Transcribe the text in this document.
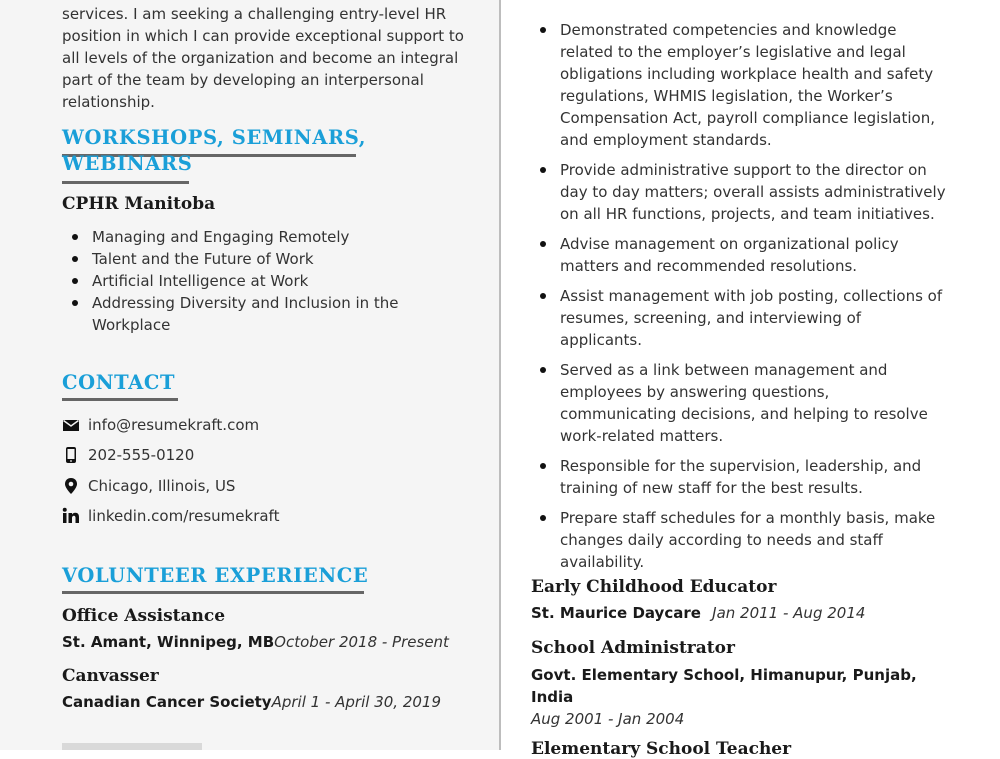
services. I am seeking a challenging entry-level HR position in which I can provide exceptional support to all levels of the organization and become an integral part of the team by developing an interpersonal relationship.

WORKSHOPS, SEMINARS,
WEBINARS
CPHR Manitoba
Managing and Engaging Remotely
Talent and the Future of Work
Artificial Intelligence at Work
Addressing Diversity and Inclusion in the Workplace
CONTACT
info@resumekraft.com
202-555-0120
Chicago, Illinois, US
linkedin.com/resumekraft
VOLUNTEER EXPERIENCE
Office Assistance
St. Amant, Winnipeg, MBOctober 2018 - Present
Canvasser
Canadian Cancer SocietyApril 1 - April 30, 2019
Demonstrated competencies and knowledge related to the employer’s legislative and legal obligations including workplace health and safety regulations, WHMIS legislation, the Worker’s Compensation Act, payroll compliance legislation, and employment standards.
Provide administrative support to the director on day to day matters; overall assists administratively on all HR functions, projects, and team initiatives.
Advise management on organizational policy matters and recommended resolutions.
Assist management with job posting, collections of resumes, screening, and interviewing of applicants.
Served as a link between management and employees by answering questions, communicating decisions, and helping to resolve work-related matters.
Responsible for the supervision, leadership, and training of new staff for the best results.
Prepare staff schedules for a monthly basis, make changes daily according to needs and staff availability.
Early Childhood Educator
St. Maurice Daycare Jan 2011 - Aug 2014
School Administrator
Govt. Elementary School, Himanupur, Punjab, India
Aug 2001 - Jan 2004
Elementary School Teacher
